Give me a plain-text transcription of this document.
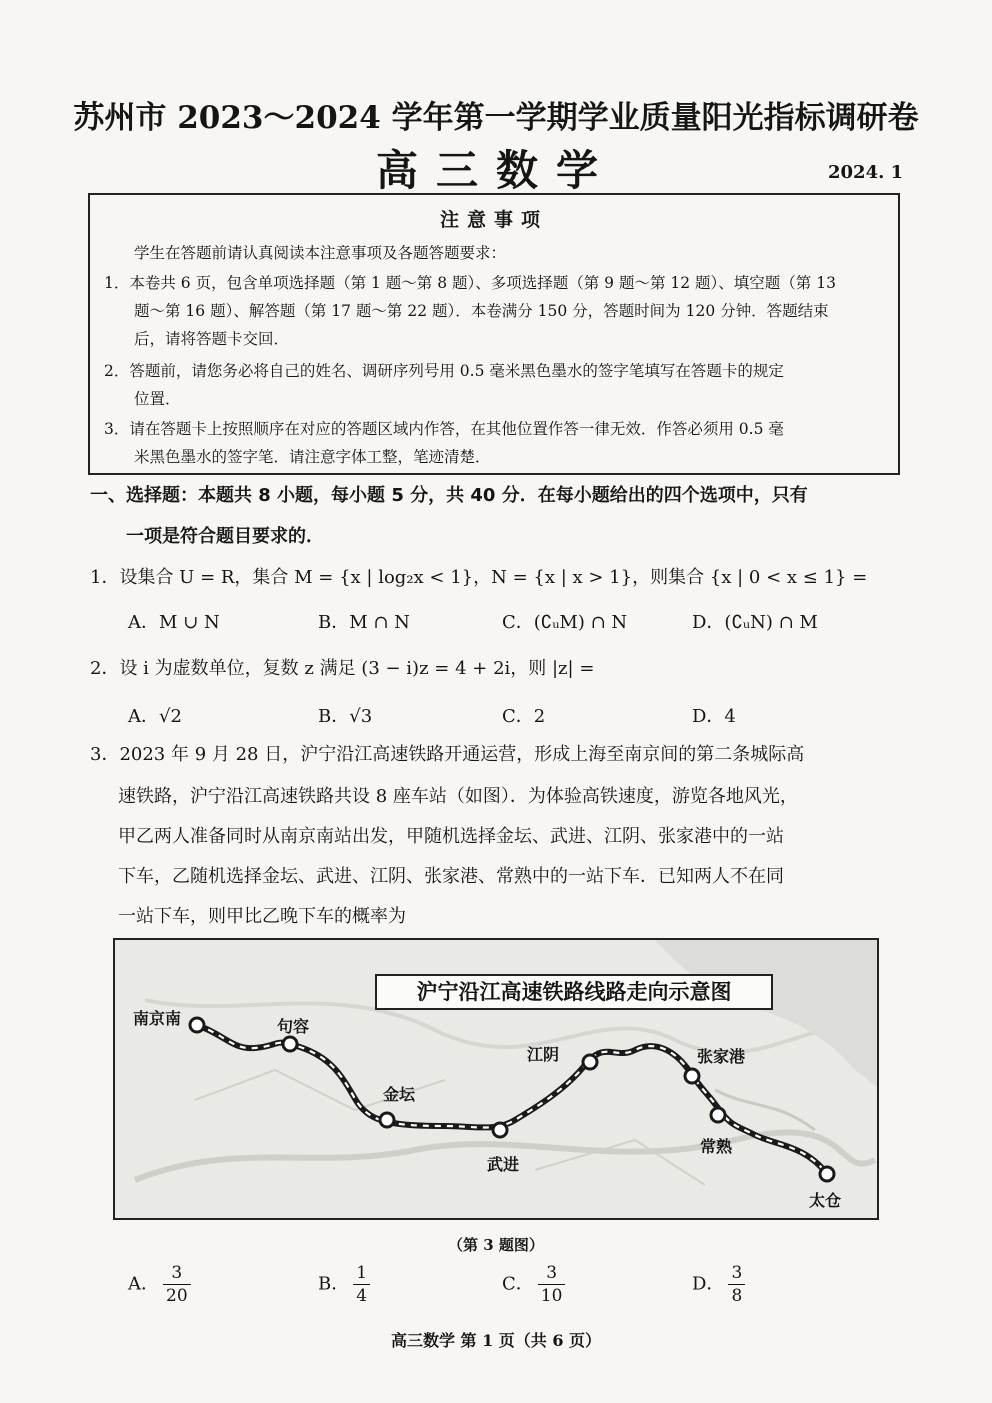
苏州市 2023～2024 学年第一学期学业质量阳光指标调研卷
高三数学	2024. 1
注意事项
学生在答题前请认真阅读本注意事项及各题答题要求：
1．本卷共 6 页，包含单项选择题（第 1 题～第 8 题）、多项选择题（第 9 题～第 12 题）、填空题（第 13
题～第 16 题）、解答题（第 17 题～第 22 题）．本卷满分 150 分，答题时间为 120 分钟．答题结束
后，请将答题卡交回．
2．答题前，请您务必将自己的姓名、调研序列号用 0.5 毫米黑色墨水的签字笔填写在答题卡的规定
位置．
3．请在答题卡上按照顺序在对应的答题区域内作答，在其他位置作答一律无效．作答必须用 0.5 毫
米黑色墨水的签字笔．请注意字体工整，笔迹清楚．
一、选择题：本题共 8 小题，每小题 5 分，共 40 分．在每小题给出的四个选项中，只有
一项是符合题目要求的．
1．设集合 U = R，集合 M = {x | log₂x < 1}，N = {x | x > 1}，则集合 {x | 0 < x ≤ 1} =
A．M ∪ N	B．M ∩ N	C．(∁ᵤM) ∩ N	D．(∁ᵤN) ∩ M
2．设 i 为虚数单位，复数 z 满足 (3 − i)z = 4 + 2i，则 |z| =
A．√2	B．√3	C．2	D．4
3．2023 年 9 月 28 日，沪宁沿江高速铁路开通运营，形成上海至南京间的第二条城际高
速铁路，沪宁沿江高速铁路共设 8 座车站（如图）．为体验高铁速度，游览各地风光，
甲乙两人准备同时从南京南站出发，甲随机选择金坛、武进、江阴、张家港中的一站
下车，乙随机选择金坛、武进、江阴、张家港、常熟中的一站下车．已知两人不在同
一站下车，则甲比乙晚下车的概率为
沪宁沿江高速铁路线路走向示意图
南京南	句容
金坛
武进
江阴	张家港
常熟
太仓
（第 3 题图）
A． $\frac{3}{20}$	B． $\frac{1}{4}$	C． $\frac{3}{10}$	D． $\frac{3}{8}$
高三数学 第 1 页（共 6 页）
